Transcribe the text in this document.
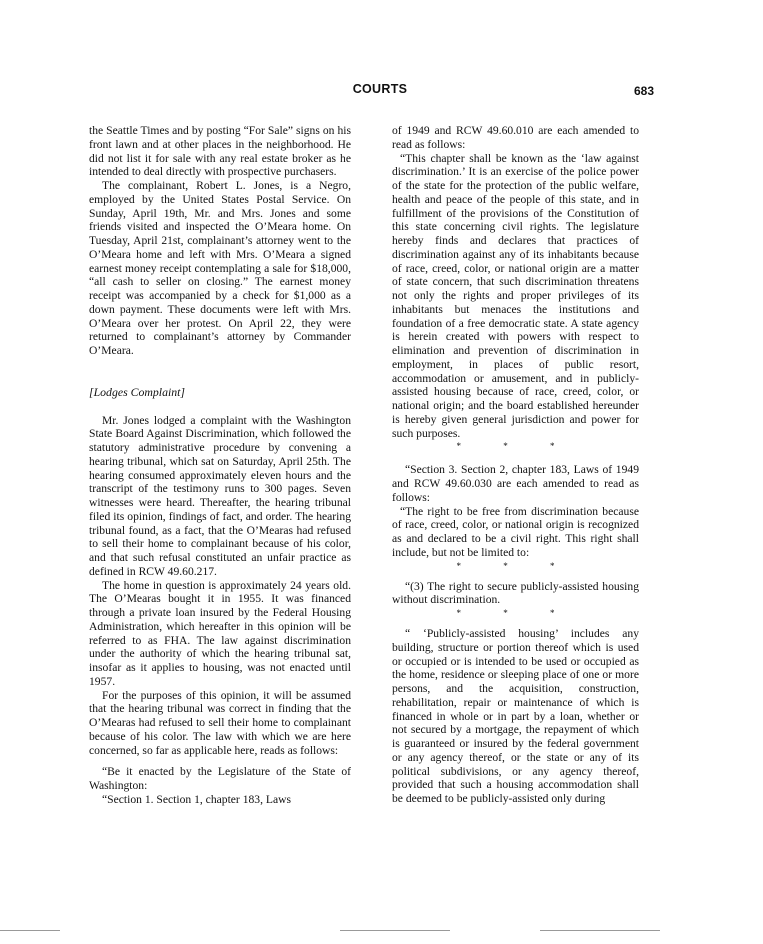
COURTS	683

the Seattle Times and by posting “For Sale” signs on his front lawn and at other places in the neighborhood. He did not list it for sale with any real estate broker as he intended to deal directly with prospective purchasers.

The complainant, Robert L. Jones, is a Negro, employed by the United States Postal Service. On Sunday, April 19th, Mr. and Mrs. Jones and some friends visited and inspected the O’Meara home. On Tuesday, April 21st, complainant’s attorney went to the O’Meara home and left with Mrs. O’Meara a signed earnest money receipt contemplating a sale for $18,000, “all cash to seller on closing.” The earnest money receipt was accompanied by a check for $1,000 as a down payment. These documents were left with Mrs. O’Meara over her protest. On April 22, they were returned to complainant’s attorney by Commander O’Meara.

[Lodges Complaint]

Mr. Jones lodged a complaint with the Washington State Board Against Discrimination, which followed the statutory administrative procedure by convening a hearing tribunal, which sat on Saturday, April 25th. The hearing consumed approximately eleven hours and the transcript of the testimony runs to 300 pages. Seven witnesses were heard. Thereafter, the hearing tribunal filed its opinion, findings of fact, and order. The hearing tribunal found, as a fact, that the O’Mearas had refused to sell their home to complainant because of his color, and that such refusal constituted an unfair practice as defined in RCW 49.60.217.

The home in question is approximately 24 years old. The O’Mearas bought it in 1955. It was financed through a private loan insured by the Federal Housing Administration, which hereafter in this opinion will be referred to as FHA. The law against discrimination under the authority of which the hearing tribunal sat, insofar as it applies to housing, was not enacted until 1957.

For the purposes of this opinion, it will be assumed that the hearing tribunal was correct in finding that the O’Mearas had refused to sell their home to complainant because of his color. The law with which we are here concerned, so far as applicable here, reads as follows:

“Be it enacted by the Legislature of the State of Washington:

“Section 1. Section 1, chapter 183, Laws

of 1949 and RCW 49.60.010 are each amended to read as follows:

“This chapter shall be known as the ‘law against discrimination.’ It is an exercise of the police power of the state for the protection of the public welfare, health and peace of the people of this state, and in fulfillment of the provisions of the Constitution of this state concerning civil rights. The legislature hereby finds and declares that practices of discrimination against any of its inhabitants because of race, creed, color, or national origin are a matter of state concern, that such discrimination threatens not only the rights and proper privileges of its inhabitants but menaces the institutions and foundation of a free democratic state. A state agency is herein created with powers with respect to elimination and prevention of discrimination in employment, in places of public resort, accommodation or amusement, and in publicly-assisted housing because of race, creed, color, or national origin; and the board established hereunder is hereby given general jurisdiction and power for such purposes.

* * *

“Section 3. Section 2, chapter 183, Laws of 1949 and RCW 49.60.030 are each amended to read as follows:

“The right to be free from discrimination because of race, creed, color, or national origin is recognized as and declared to be a civil right. This right shall include, but not be limited to:

* * *

“(3) The right to secure publicly-assisted housing without discrimination.

* * *

“ ‘Publicly-assisted housing’ includes any building, structure or portion thereof which is used or occupied or is intended to be used or occupied as the home, residence or sleeping place of one or more persons, and the acquisition, construction, rehabilitation, repair or maintenance of which is financed in whole or in part by a loan, whether or not secured by a mortgage, the repayment of which is guaranteed or insured by the federal government or any agency thereof, or the state or any of its political subdivisions, or any agency thereof, provided that such a housing accommodation shall be deemed to be publicly-assisted only during
